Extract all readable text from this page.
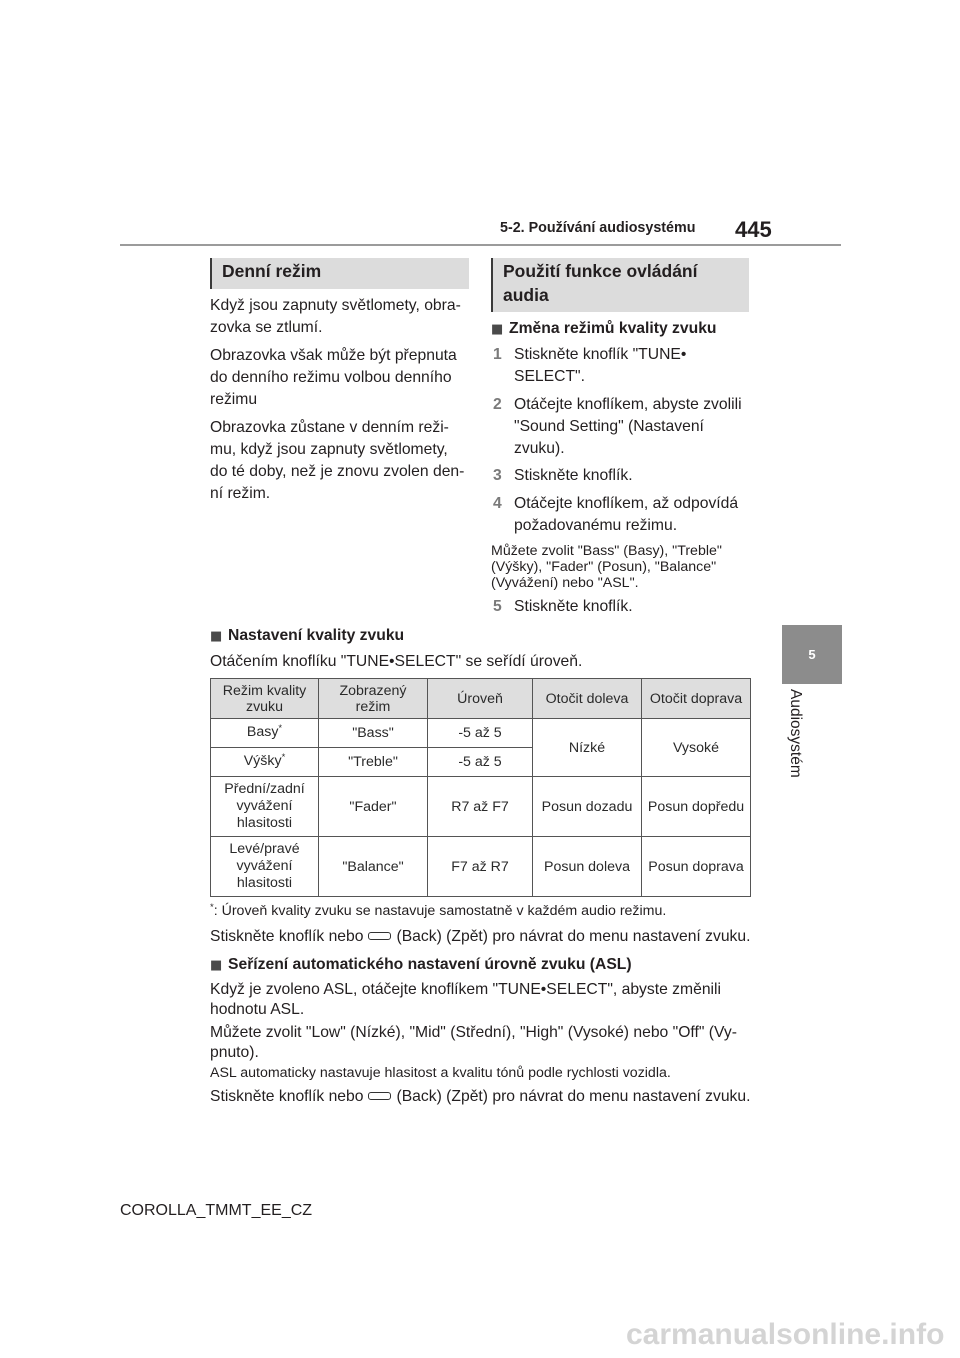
5-2. Používání audiosystému 445
5
Audiosystém
Denní režim
Když jsou zapnuty světlomety, obra-
zovka se ztlumí.
Obrazovka však může být přepnuta
do denního režimu volbou denního
režimu
Obrazovka zůstane v denním reži-
mu, když jsou zapnuty světlomety,
do té doby, než je znovu zvolen den-
ní režim.
Použití funkce ovládání
audia
■ Změna režimů kvality zvuku
1 Stiskněte knoflík "TUNE•
SELECT".
2 Otáčejte knoflíkem, abyste zvolili
"Sound Setting" (Nastavení
zvuku).
3 Stiskněte knoflík.
4 Otáčejte knoflíkem, až odpovídá
požadovanému režimu.
Můžete zvolit "Bass" (Basy), "Treble"
(Výšky), "Fader" (Posun), "Balance"
(Vyvážení) nebo "ASL".
5 Stiskněte knoflík.
■ Nastavení kvality zvuku
Otáčením knoflíku "TUNE•SELECT" se seřídí úroveň.
Režim kvality
zvuku	Zobrazený
režim	Úroveň	Otočit doleva	Otočit doprava

Basy*	"Bass"	-5 až 5	Nízké	Vysoké
Výšky*	"Treble"	-5 až 5		

Přední/zadní
vyvážení
hlasitosti	"Fader"	R7 až F7	Posun dozadu	Posun dopředu

Levé/pravé
vyvážení
hlasitosti	"Balance"	F7 až R7	Posun doleva	Posun doprava
*: Úroveň kvality zvuku se nastavuje samostatně v každém audio režimu.
Stiskněte knoflík nebo (Back) (Zpět) pro návrat do menu nastavení zvuku.
■ Seřízení automatického nastavení úrovně zvuku (ASL)
Když je zvoleno ASL, otáčejte knoflíkem "TUNE•SELECT", abyste změnili
hodnotu ASL.
Můžete zvolit "Low" (Nízké), "Mid" (Střední), "High" (Vysoké) nebo "Off" (Vy-
pnuto).
ASL automaticky nastavuje hlasitost a kvalitu tónů podle rychlosti vozidla.
Stiskněte knoflík nebo (Back) (Zpět) pro návrat do menu nastavení zvuku.
COROLLA_TMMT_EE_CZ
carmanualsonline.info
